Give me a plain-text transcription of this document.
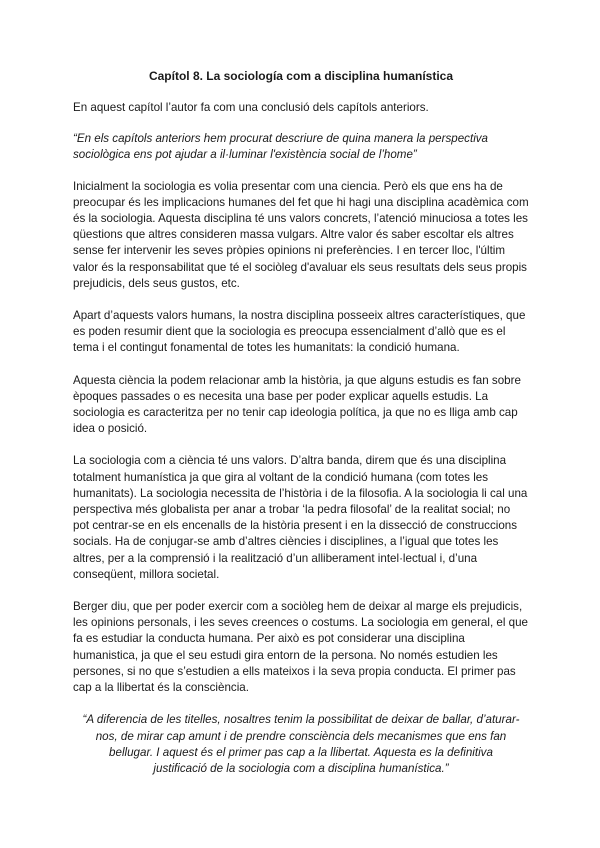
Capítol 8. La sociología com a disciplina humanística

En aquest capítol l’autor fa com una conclusió dels capítols anteriors.

“En els capítols anteriors hem procurat descriure de quina manera la perspectiva sociològica ens pot ajudar a il·luminar l'existència social de l’home”

Inicialment la sociologia es volia presentar com una ciencia. Però els que ens ha de preocupar és les implicacions humanes del fet que hi hagi una disciplina acadèmica com és la sociologia. Aquesta disciplina té uns valors concrets, l’atenció minuciosa a totes les qüestions que altres consideren massa vulgars. Altre valor és saber escoltar els altres sense fer intervenir les seves pròpies opinions ni preferències. I en tercer lloc, l'últim valor és la responsabilitat que té el sociòleg d'avaluar els seus resultats dels seus propis prejudicis, dels seus gustos, etc.

Apart d’aquests valors humans, la nostra disciplina posseeix altres característiques, que es poden resumir dient que la sociologia es preocupa essencialment d’allò que es el tema i el contingut fonamental de totes les humanitats: la condició humana.

Aquesta ciència la podem relacionar amb la història, ja que alguns estudis es fan sobre èpoques passades o es necesita una base per poder explicar aquells estudis. La sociologia es caracteritza per no tenir cap ideologia política, ja que no es lliga amb cap idea o posició.

La sociologia com a ciència té uns valors. D’altra banda, direm que és una disciplina totalment humanística ja que gira al voltant de la condició humana (com totes les humanitats). La sociologia necessita de l’història i de la filosofia. A la sociologia li cal una perspectiva més globalista per anar a trobar ‘la pedra filosofal’ de la realitat social; no pot centrar-se en els encenalls de la història present i en la dissecció de construccions socials. Ha de conjugar-se amb d’altres ciències i disciplines, a l’igual que totes les altres, per a la comprensió i la realització d’un alliberament intel·lectual i, d’una conseqüent, millora societal.

Berger diu, que per poder exercir com a sociòleg hem de deixar al marge els prejudicis, les opinions personals, i les seves creences o costums. La sociologia em general, el que fa es estudiar la conducta humana. Per això es pot considerar una disciplina humanistica, ja que el seu estudi gira entorn de la persona. No només estudien les persones, si no que s’estudien a ells mateixos i la seva propia conducta. El primer pas cap a la llibertat és la consciència.

“A diferencia de les titelles, nosaltres tenim la possibilitat de deixar de ballar, d’aturar-nos, de mirar cap amunt i de prendre consciència dels mecanismes que ens fan bellugar. I aquest és el primer pas cap a la llibertat. Aquesta es la definitiva justificació de la sociologia com a disciplina humanística.”
